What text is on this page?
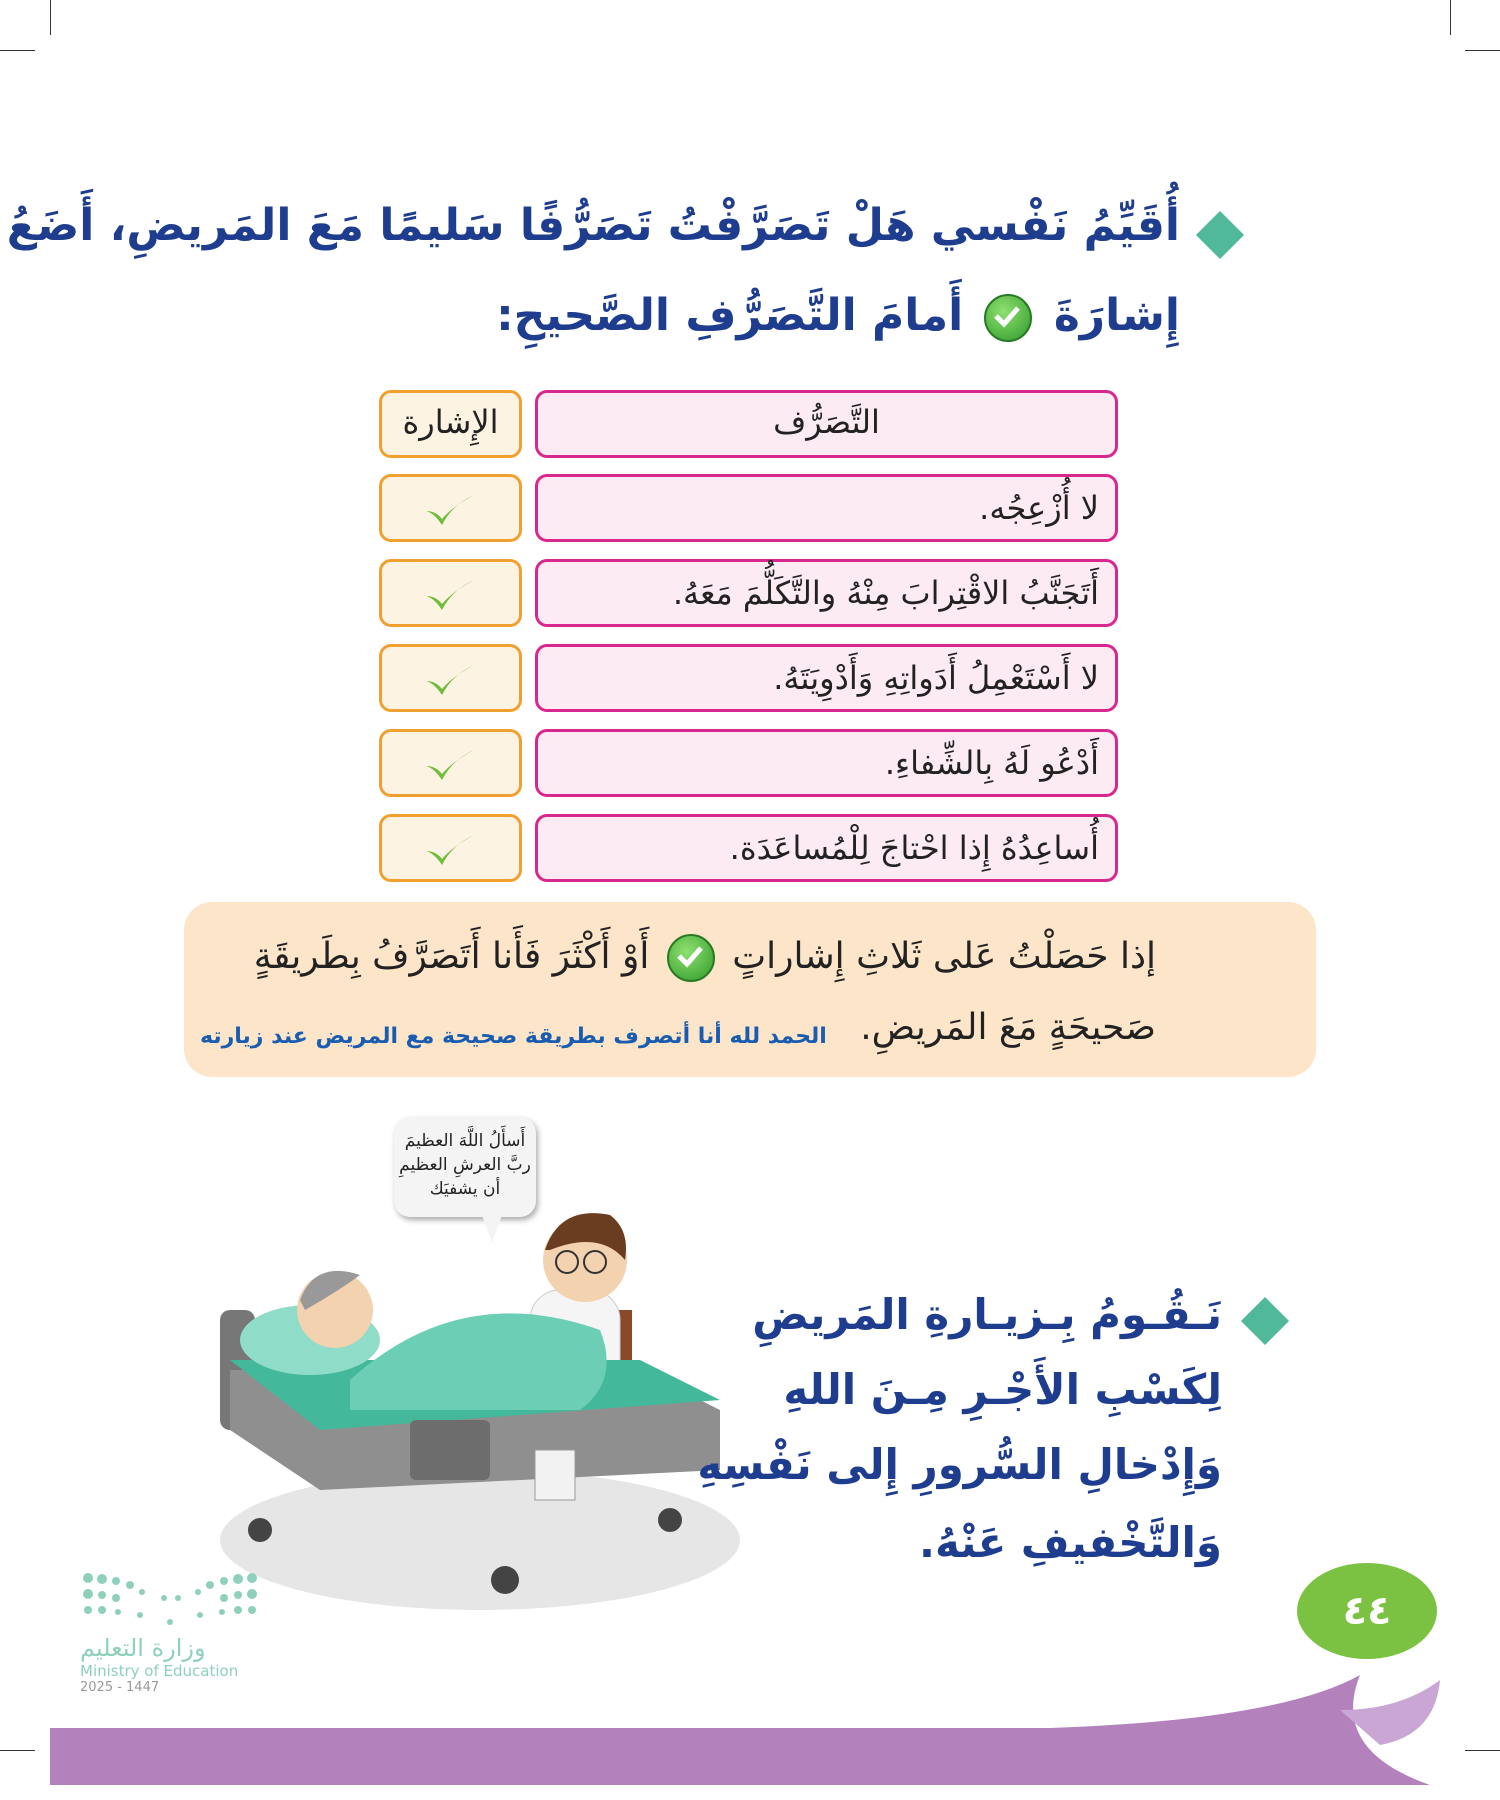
أُقَيِّمُ نَفْسي هَلْ تَصَرَّفْتُ تَصَرُّفًا سَليمًا مَعَ المَريضِ، أَضَعُ
إِشارَةَ
أَمامَ التَّصَرُّفِ الصَّحيحِ:
التَّصَرُّف
الإِشارة
لا أُزْعِجُه.
أَتَجَنَّبُ الاقْتِرابَ مِنْهُ والتَّكَلُّمَ مَعَهُ.
لا أَسْتَعْمِلُ أَدَواتِهِ وَأَدْوِيَتَهُ.
أَدْعُو لَهُ بِالشِّفاءِ.
أُساعِدُهُ إِذا احْتاجَ لِلْمُساعَدَة.
إذا حَصَلْتُ عَلى ثَلاثِ إِشاراتٍ
أَوْ أَكْثَرَ فَأَنا أَتَصَرَّفُ بِطَريقَةٍ
صَحيحَةٍ مَعَ المَريضِ.
الحمد لله أنا أتصرف بطريقة صحيحة مع المريض عند زيارته
أَسأَلُ اللَّهَ العظيمَ
ربَّ العرشِ العظيمِ
أن يشفيَك
نَـقُـومُ بِـزيـارةِ المَريضِ
لِكَسْبِ الأَجْـرِ مِـنَ اللهِ
وَإِدْخالِ السُّرورِ إِلى نَفْسِهِ
وَالتَّخْفيفِ عَنْهُ.
وزارة التعليم
Ministry of Education
2025 - 1447
٤٤
